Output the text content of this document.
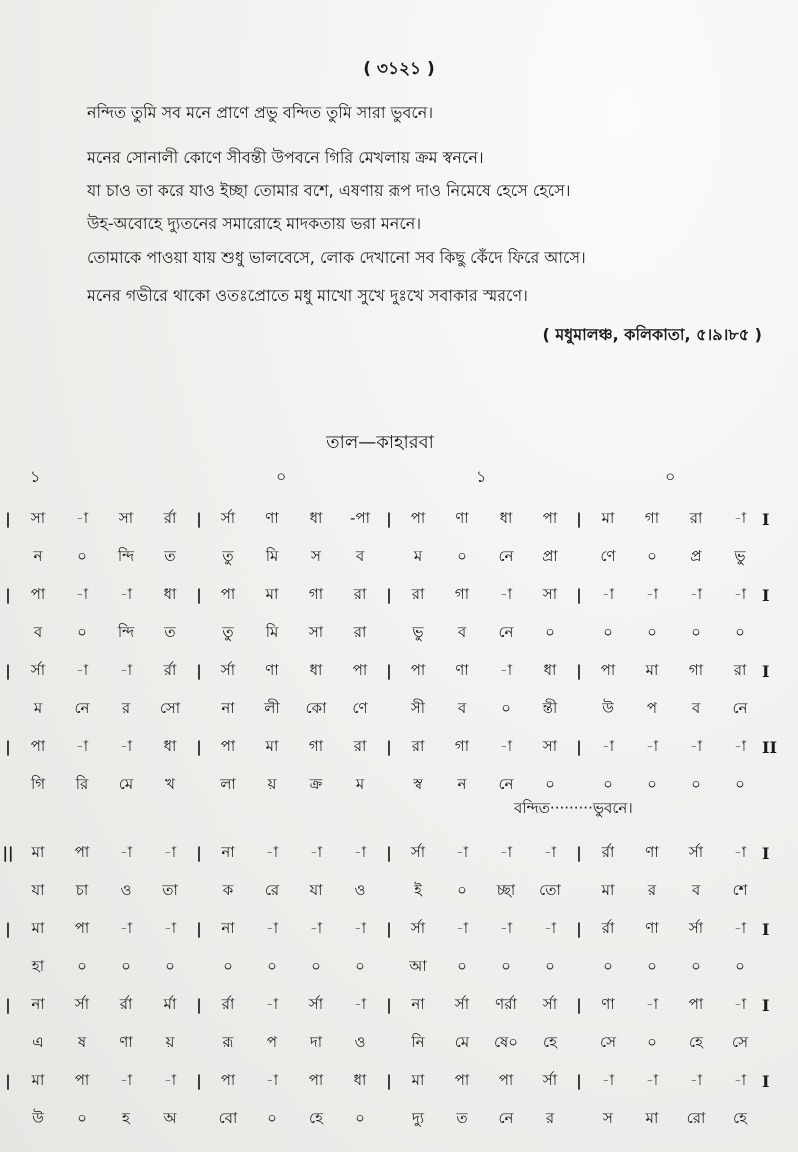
( ৩১২১ )
নন্দিত তুমি সব মনে প্রাণে প্রভু বন্দিত তুমি সারা ভুবনে।
মনের সোনালী কোণে সীবন্তী উপবনে গিরি মেখলায় ক্রম স্বননে।
যা চাও তা করে যাও ইচ্ছা তোমার বশে, এষণায় রূপ দাও নিমেষে হেসে হেসে।
উহ-অবোহে দ্যুতনের সমারোহে মাদকতায় ভরা মননে।
তোমাকে পাওয়া যায় শুধু ভালবেসে, লোক দেখানো সব কিছু কেঁদে ফিরে আসে।
মনের গভীরে থাকো ওতঃপ্রোতে মধু মাখো সুখে দুঃখে সবাকার স্মরণে।
( মধুমালঞ্চ, কলিকাতা, ৫।৯।৮৫ )
তাল—কাহারবা
১	০	১	০
|	সা	-া	সা	র্রা	|	র্সা	ণা	ধা	-পা	|	পা	ণা	ধা	পা	|	মা	গা	রা	-া	I
	ন	০	ন্দি	ত		তু	মি	স	ব		ম	০	নে	প্রা		ণে	০	প্র	ভু	
|	পা	-া	-া	ধা	|	পা	মা	গা	রা	|	রা	গা	-া	সা	|	-া	-া	-া	-া	I
	ব	০	ন্দি	ত		তু	মি	সা	রা		ভু	ব	নে	০		০	০	০	০	
|	র্সা	-া	-া	র্রা	|	র্সা	ণা	ধা	পা	|	পা	ণা	-া	ধা	|	পা	মা	গা	রা	I
	ম	নে	র	সো		না	লী	কো	ণে		সী	ব	০	ন্তী		উ	প	ব	নে	
|	পা	-া	-া	ধা	|	পা	মা	গা	রা	|	রা	গা	-া	সা	|	-া	-া	-া	-া	II
	গি	রি	মে	খ		লা	য়	ক্র	ম		স্ব	ন	নে	০		০	০	০	০	
বন্দিত·········ভুবনে।
||	মা	পা	-া	-া	|	না	-া	-া	-া	|	র্সা	-া	-া	-া	|	র্রা	ণা	র্সা	-া	I
	যা	চা	ও	তা		ক	রে	যা	ও		ই	০	চ্ছা	তো		মা	র	ব	শে	
|	মা	পা	-া	-া	|	না	-া	-া	-া	|	র্সা	-া	-া	-া	|	র্রা	ণা	র্সা	-া	I
	হা	০	০	০		০	০	০	০		আ	০	০	০		০	০	০	০	
|	না	র্সা	র্রা	র্মা	|	র্রা	-া	র্সা	-া	|	না	র্সা	ণর্রা	র্সা	|	ণা	-া	পা	-া	I
	এ	ষ	ণা	য়		রূ	প	দা	ও		নি	মে	ষে০	হে		সে	০	হে	সে	
|	মা	পা	-া	-া	|	পা	-া	পা	ধা	|	মা	পা	পা	র্সা	|	-া	-া	-া	-া	I
	উ	০	হ	অ		বো	০	হে	০		দ্যু	ত	নে	র		স	মা	রো	হে	
